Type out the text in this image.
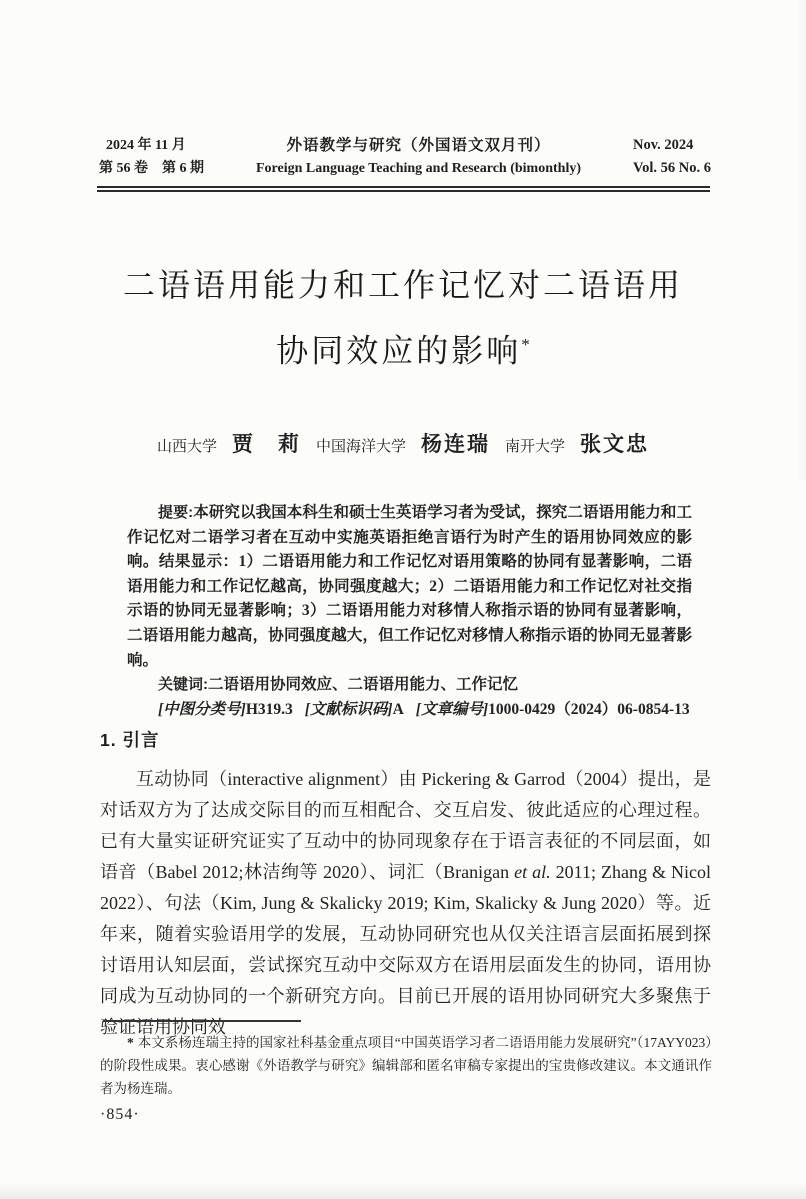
2024 年 11 月
第 56 卷　第 6 期
外语教学与研究（外国语文双月刊）
Foreign Language Teaching and Research (bimonthly)
Nov. 2024
Vol. 56 No. 6
二语语用能力和工作记忆对二语语用
协同效应的影响*
山西大学 贾　莉 中国海洋大学 杨连瑞 南开大学 张文忠

提要:本研究以我国本科生和硕士生英语学习者为受试，探究二语语用能力和工作记忆对二语学习者在互动中实施英语拒绝言语行为时产生的语用协同效应的影响。结果显示：1）二语语用能力和工作记忆对语用策略的协同有显著影响，二语语用能力和工作记忆越高，协同强度越大；2）二语语用能力和工作记忆对社交指示语的协同无显著影响；3）二语语用能力对移情人称指示语的协同有显著影响，二语语用能力越高，协同强度越大，但工作记忆对移情人称指示语的协同无显著影响。

关键词:二语语用协同效应、二语语用能力、工作记忆

[中图分类号]H319.3 [文献标识码]A [文章编号]1000-0429（2024）06-0854-13

1. 引言

互动协同（interactive alignment）由 Pickering & Garrod（2004）提出，是对话双方为了达成交际目的而互相配合、交互启发、彼此适应的心理过程。已有大量实证研究证实了互动中的协同现象存在于语言表征的不同层面，如语音（Babel 2012;林洁绚等 2020）、词汇（Branigan et al. 2011; Zhang & Nicol 2022）、句法（Kim, Jung & Skalicky 2019; Kim, Skalicky & Jung 2020）等。近年来，随着实验语用学的发展，互动协同研究也从仅关注语言层面拓展到探讨语用认知层面，尝试探究互动中交际双方在语用层面发生的协同，语用协同成为互动协同的一个新研究方向。目前已开展的语用协同研究大多聚焦于验证语用协同效

* 本文系杨连瑞主持的国家社科基金重点项目“中国英语学习者二语语用能力发展研究”（17AYY023）的阶段性成果。衷心感谢《外语教学与研究》编辑部和匿名审稿专家提出的宝贵修改建议。本文通讯作者为杨连瑞。

·854·
